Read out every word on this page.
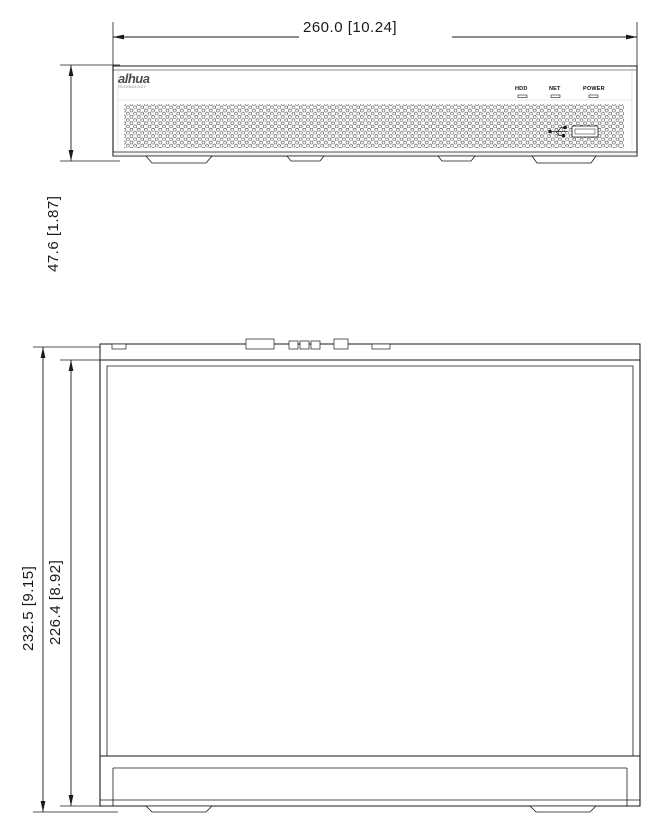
260.0 [10.24]
47.6 [1.87]
232.5 [9.15] 226.4 [8.92]
HDD	NET	POWER
alhua
TECHNOLOGY
